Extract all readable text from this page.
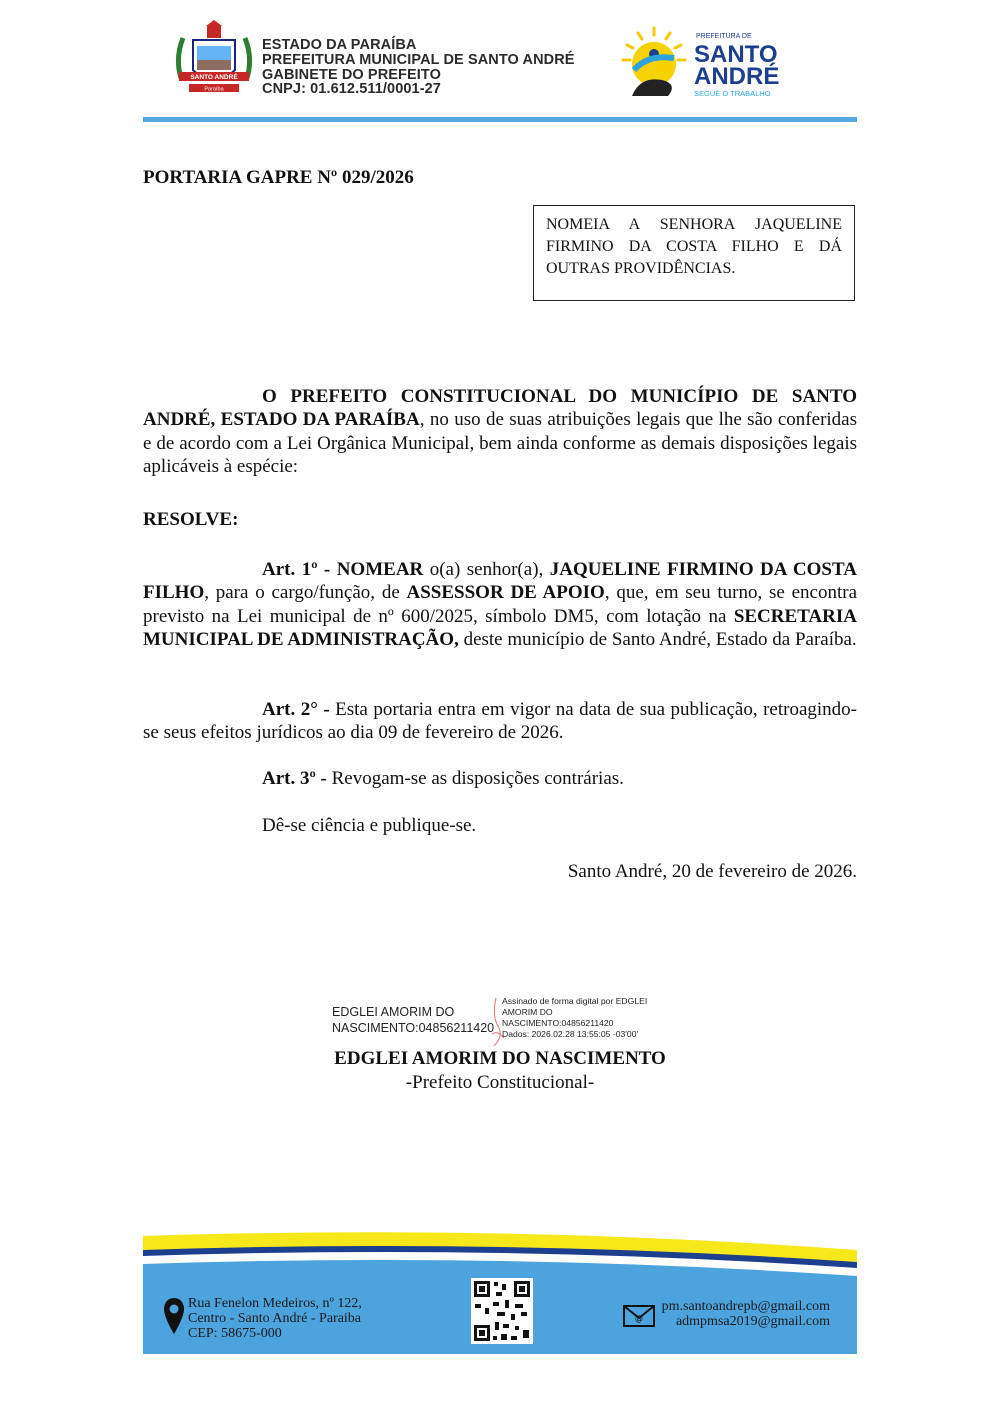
SANTO ANDRÉ
Paraíba
ESTADO DA PARAÍBA
PREFEITURA MUNICIPAL DE SANTO ANDRÉ
GABINETE DO PREFEITO
CNPJ: 01.612.511/0001-27
PREFEITURA DE
SANTO
ANDRÉ
SEGUE O TRABALHO
PORTARIA GAPRE Nº 029/2026
NOMEIA A SENHORA JAQUELINE FIRMINO DA COSTA FILHO E DÁ OUTRAS PROVIDÊNCIAS.
O PREFEITO CONSTITUCIONAL DO MUNICÍPIO DE SANTO ANDRÉ, ESTADO DA PARAÍBA, no uso de suas atribuições legais que lhe são conferidas e de acordo com a Lei Orgânica Municipal, bem ainda conforme as demais disposições legais aplicáveis à espécie:
RESOLVE:
Art. 1º - NOMEAR o(a) senhor(a), JAQUELINE FIRMINO DA COSTA FILHO, para o cargo/função, de ASSESSOR DE APOIO, que, em seu turno, se encontra previsto na Lei municipal de nº 600/2025, símbolo DM5, com lotação na SECRETARIA MUNICIPAL DE ADMINISTRAÇÃO, deste município de Santo André, Estado da Paraíba.
Art. 2° - Esta portaria entra em vigor na data de sua publicação, retroagindo-se seus efeitos jurídicos ao dia 09 de fevereiro de 2026.
Art. 3º - Revogam-se as disposições contrárias.
Dê-se ciência e publique-se.
Santo André, 20 de fevereiro de 2026.
EDGLEI AMORIM DO
NASCIMENTO:04856211420
Assinado de forma digital por EDGLEI
AMORIM DO
NASCIMENTO:04856211420
Dados: 2026.02.28 13:55:05 -03'00'
EDGLEI AMORIM DO NASCIMENTO
-Prefeito Constitucional-
Rua Fenelon Medeiros, nº 122,
Centro - Santo André - Paraiba
CEP: 58675-000
@
pm.santoandrepb@gmail.com
admpmsa2019@gmail.com
